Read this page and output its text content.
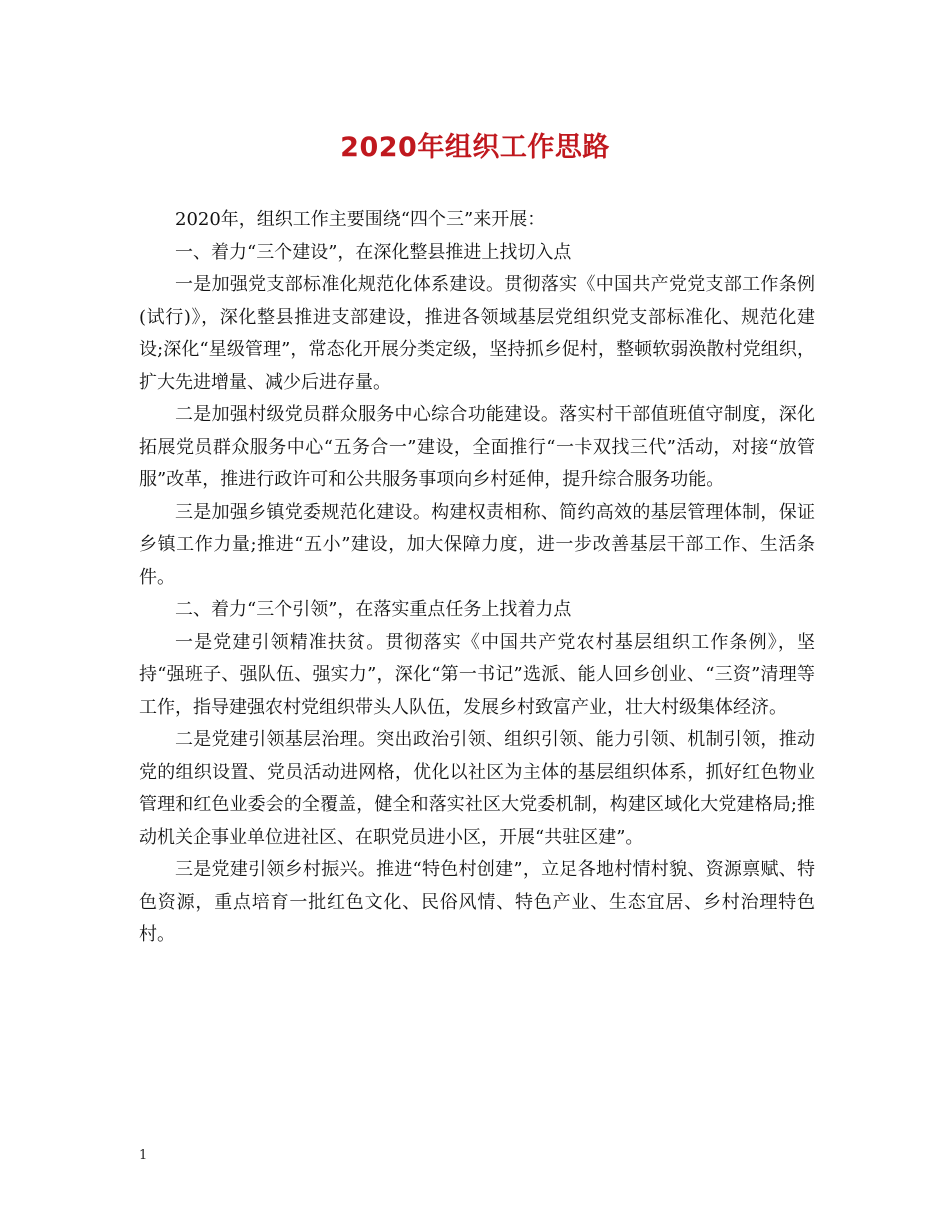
2020年组织工作思路

2020年，组织工作主要围绕“四个三”来开展：

一、着力“三个建设”，在深化整县推进上找切入点

一是加强党支部标准化规范化体系建设。贯彻落实《中国共产党党支部工作条例(试行)》，深化整县推进支部建设，推进各领域基层党组织党支部标准化、规范化建设;深化“星级管理”，常态化开展分类定级，坚持抓乡促村，整顿软弱涣散村党组织，扩大先进增量、减少后进存量。

二是加强村级党员群众服务中心综合功能建设。落实村干部值班值守制度，深化拓展党员群众服务中心“五务合一”建设，全面推行“一卡双找三代”活动，对接“放管服”改革，推进行政许可和公共服务事项向乡村延伸，提升综合服务功能。

三是加强乡镇党委规范化建设。构建权责相称、简约高效的基层管理体制，保证乡镇工作力量;推进“五小”建设，加大保障力度，进一步改善基层干部工作、生活条件。

二、着力“三个引领”，在落实重点任务上找着力点

一是党建引领精准扶贫。贯彻落实《中国共产党农村基层组织工作条例》，坚持“强班子、强队伍、强实力”，深化“第一书记”选派、能人回乡创业、“三资”清理等工作，指导建强农村党组织带头人队伍，发展乡村致富产业，壮大村级集体经济。

二是党建引领基层治理。突出政治引领、组织引领、能力引领、机制引领，推动党的组织设置、党员活动进网格，优化以社区为主体的基层组织体系，抓好红色物业管理和红色业委会的全覆盖，健全和落实社区大党委机制，构建区域化大党建格局;推动机关企事业单位进社区、在职党员进小区，开展“共驻区建”。

三是党建引领乡村振兴。推进“特色村创建”，立足各地村情村貌、资源禀赋、特色资源，重点培育一批红色文化、民俗风情、特色产业、生态宜居、乡村治理特色村。

1
